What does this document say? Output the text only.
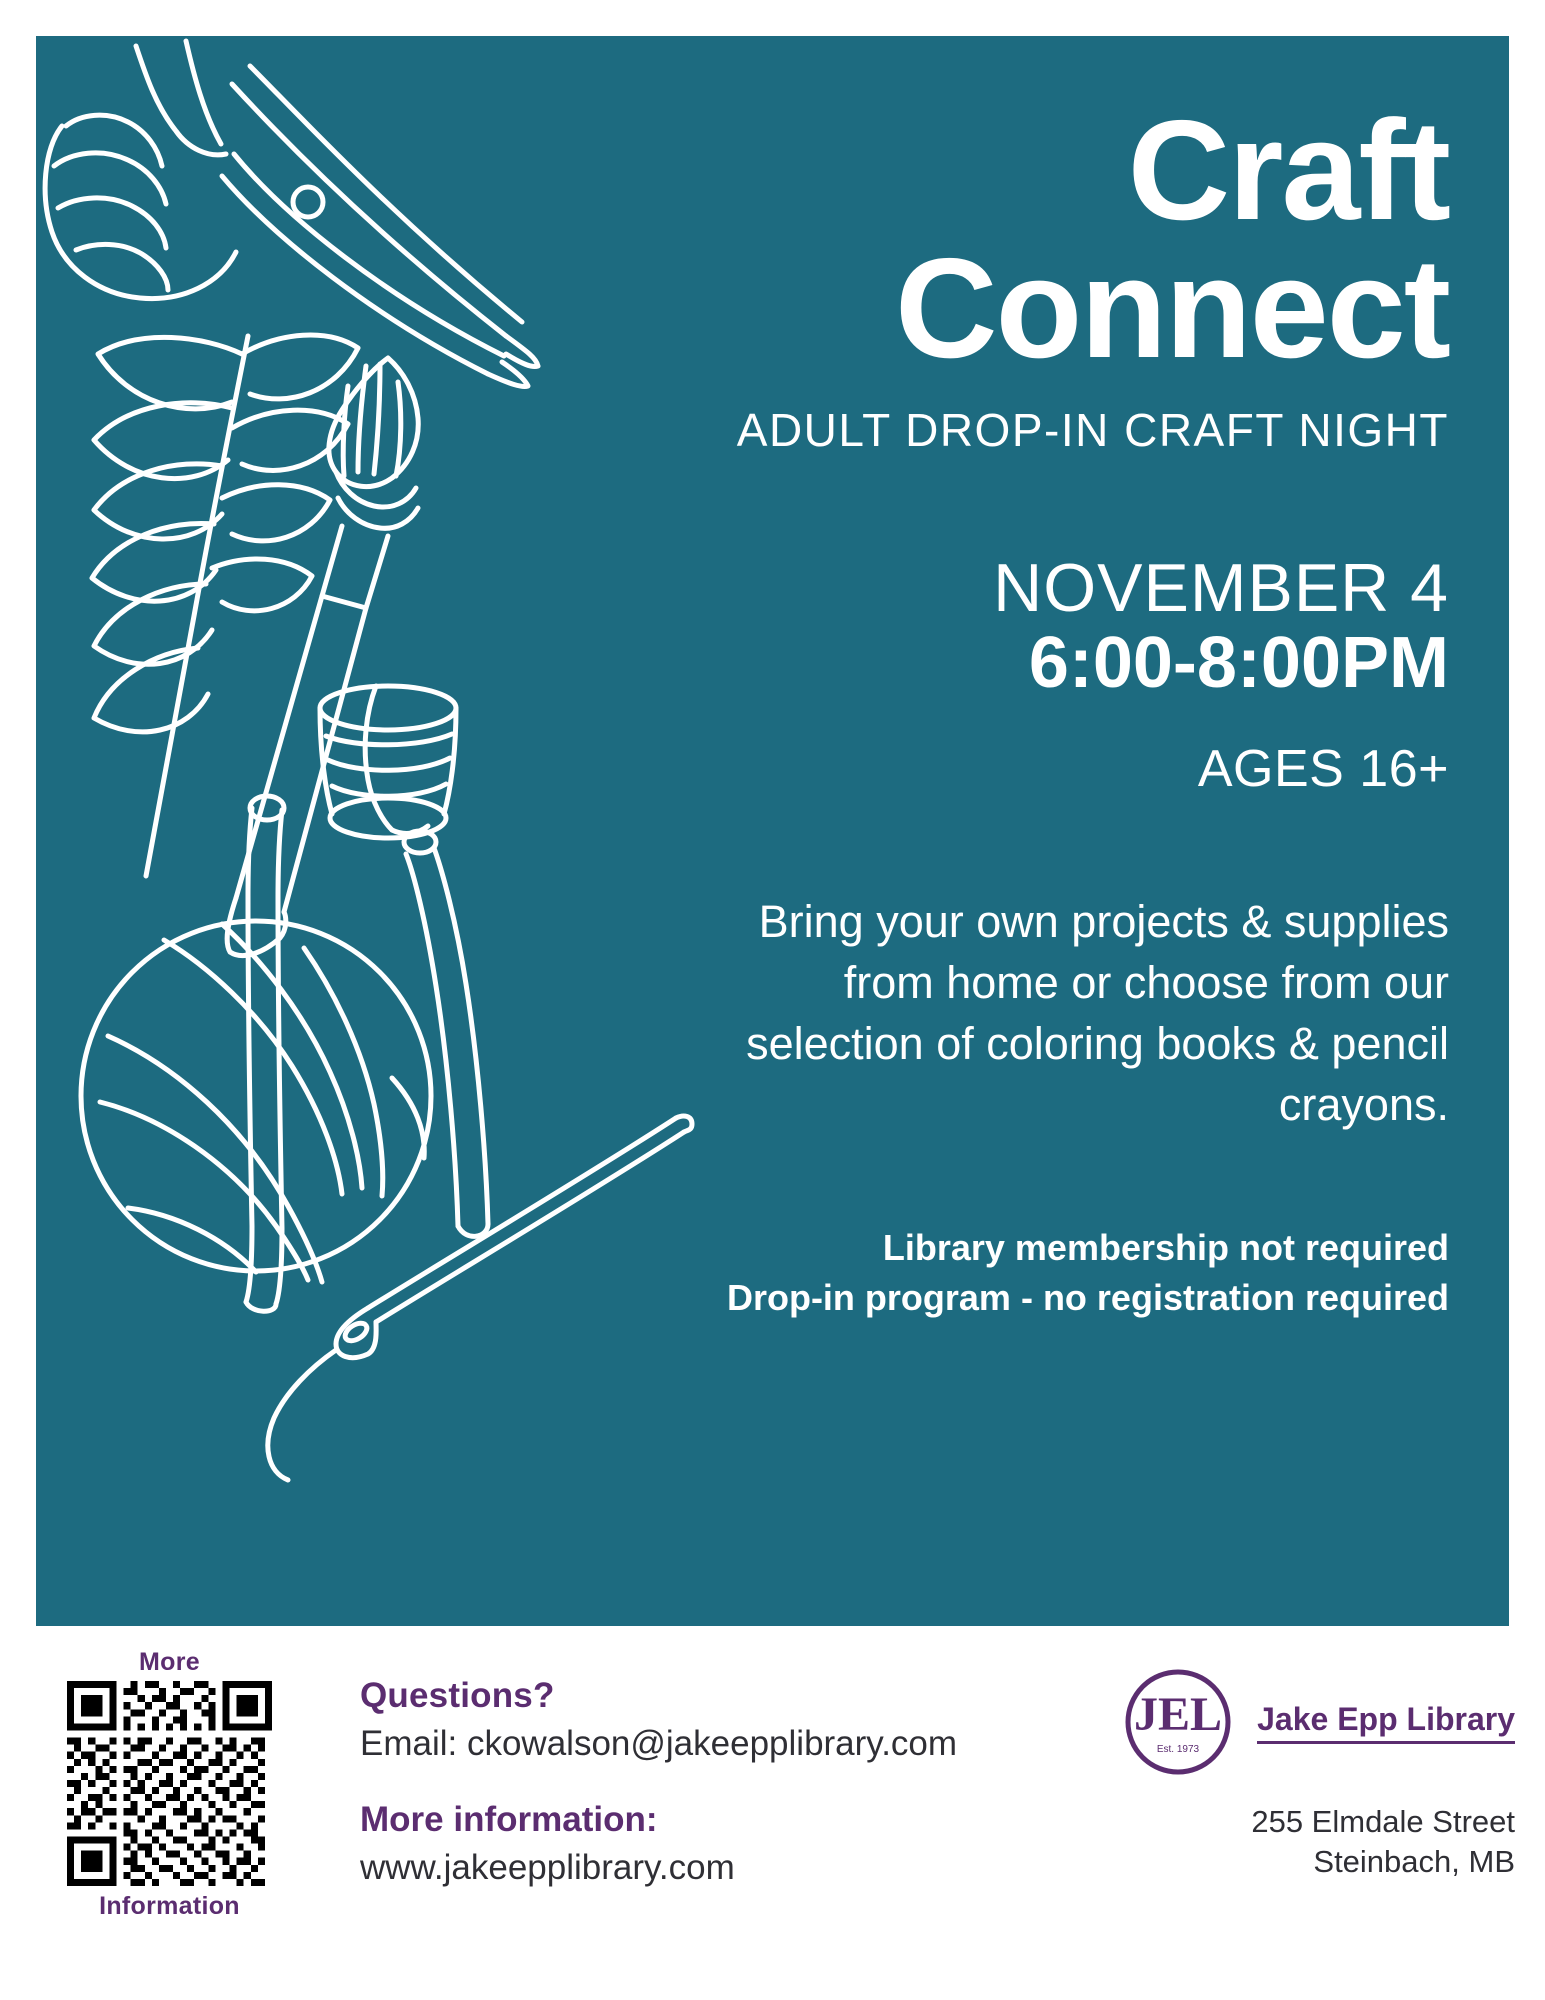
Craft
Connect
ADULT DROP-IN CRAFT NIGHT
NOVEMBER 4
6:00-8:00PM
AGES 16+
Bring your own projects & supplies from home or choose from our selection of coloring books & pencil crayons.
Library membership not required
Drop-in program - no registration required
More
Information
Questions?
Email: ckowalson@jakeepplibrary.com
More information:
www.jakeepplibrary.com
JEL
Est. 1973
Jake Epp Library
255 Elmdale Street
Steinbach, MB
